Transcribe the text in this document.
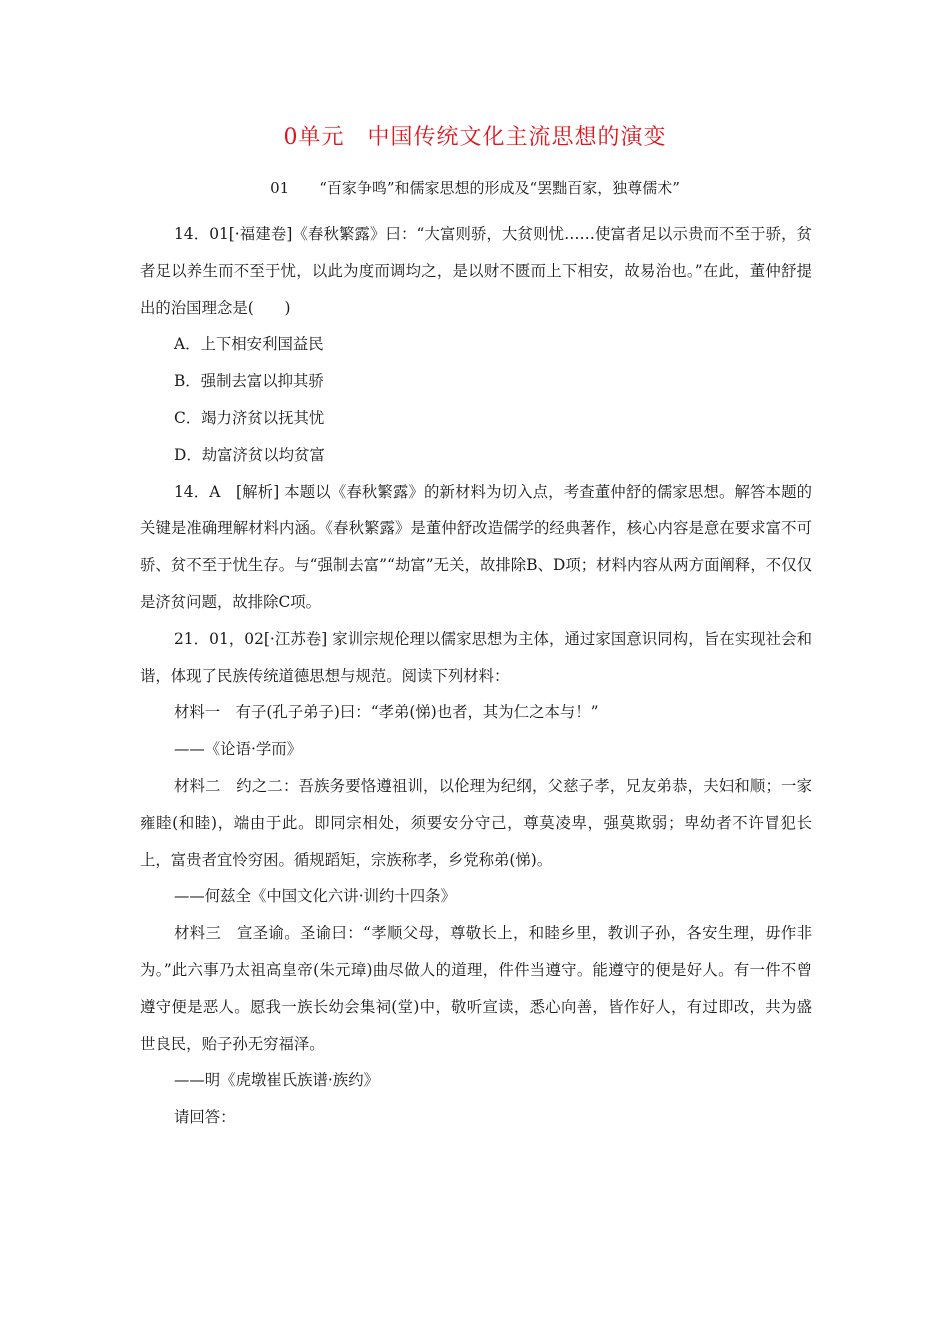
0单元　中国传统文化主流思想的演变
01　　“百家争鸣”和儒家思想的形成及“罢黜百家，独尊儒术”

14．01[·福建卷]《春秋繁露》曰：“大富则骄，大贫则忧……使富者足以示贵而不至于骄，贫者足以养生而不至于忧，以此为度而调均之，是以财不匮而上下相安，故易治也。”在此，董仲舒提出的治国理念是(　　)

A．上下相安利国益民

B．强制去富以抑其骄

C．竭力济贫以抚其忧

D．劫富济贫以均贫富

14．A　[解析] 本题以《春秋繁露》的新材料为切入点，考查董仲舒的儒家思想。解答本题的关键是准确理解材料内涵。《春秋繁露》是董仲舒改造儒学的经典著作，核心内容是意在要求富不可骄、贫不至于忧生存。与“强制去富”“劫富”无关，故排除B、D项；材料内容从两方面阐释，不仅仅是济贫问题，故排除C项。

21．01，02[·江苏卷] 家训宗规伦理以儒家思想为主体，通过家国意识同构，旨在实现社会和谐，体现了民族传统道德思想与规范。阅读下列材料：

材料一　有子(孔子弟子)曰：“孝弟(悌)也者，其为仁之本与！”

——《论语·学而》

材料二　约之二：吾族务要恪遵祖训，以伦理为纪纲，父慈子孝，兄友弟恭，夫妇和顺；一家雍睦(和睦)，端由于此。即同宗相处，须要安分守己，尊莫凌卑，强莫欺弱；卑幼者不许冒犯长上，富贵者宜怜穷困。循规蹈矩，宗族称孝，乡党称弟(悌)。

——何兹全《中国文化六讲·训约十四条》

材料三　宣圣谕。圣谕曰：“孝顺父母，尊敬长上，和睦乡里，教训子孙，各安生理，毋作非为。”此六事乃太祖高皇帝(朱元璋)曲尽做人的道理，件件当遵守。能遵守的便是好人。有一件不曾遵守便是恶人。愿我一族长幼会集祠(堂)中，敬听宣读，悉心向善，皆作好人，有过即改，共为盛世良民，贻子孙无穷福泽。

——明《虎墩崔氏族谱·族约》

请回答：
